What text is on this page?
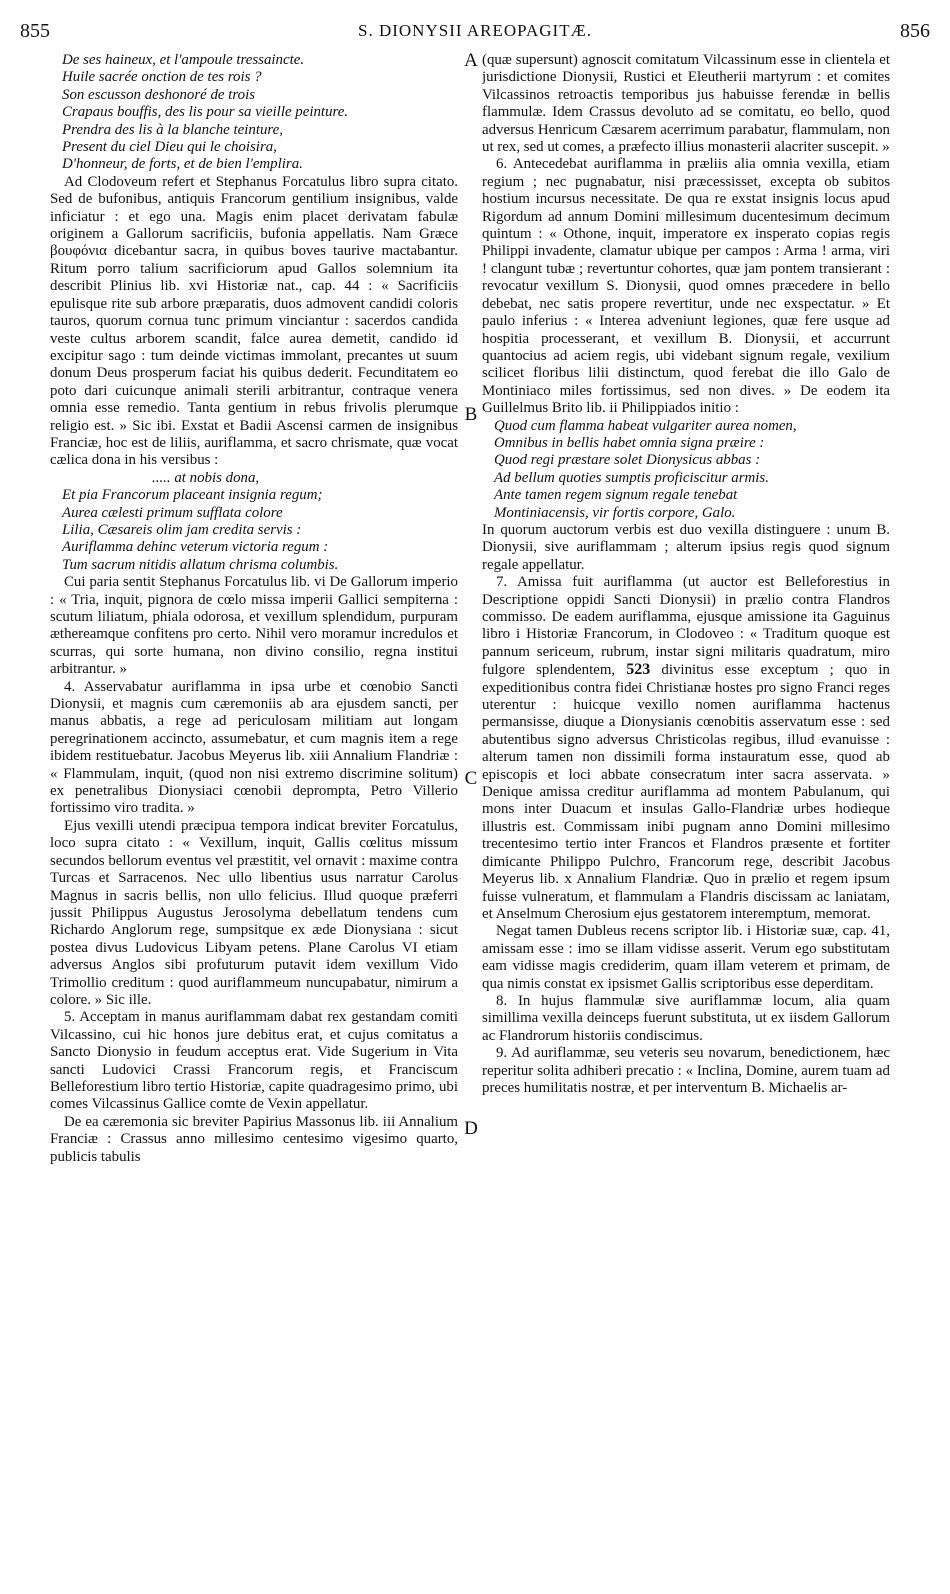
855	S. DIONYSII AREOPAGITÆ.	856
A
B
C
D
De ses haineux, et l'ampoule tressaincte.
Huile sacrée onction de tes rois ?
Son escusson deshonoré de trois
Crapaus bouffis, des lis pour sa vieille peinture.
Prendra des lis à la blanche teinture,
Present du ciel Dieu qui le choisira,
D'honneur, de forts, et de bien l'emplira.

Ad Clodoveum refert et Stephanus Forcatulus libro supra citato. Sed de bufonibus, antiquis Francorum gentilium insignibus, valde inficiatur : et ego una. Magis enim placet derivatam fabulæ originem a Gallorum sacrificiis, bufonia appellatis. Nam Græce βουφόνια dicebantur sacra, in quibus boves taurive mactabantur. Ritum porro talium sacrificiorum apud Gallos solemnium ita describit Plinius lib. xvi Historiæ nat., cap. 44 : « Sacrificiis epulisque rite sub arbore præparatis, duos admovent candidi coloris tauros, quorum cornua tunc primum vinciantur : sacerdos candida veste cultus arborem scandit, falce aurea demetit, candido id excipitur sago : tum deinde victimas immolant, precantes ut suum donum Deus prosperum faciat his quibus dederit. Fecunditatem eo poto dari cuicunque animali sterili arbitrantur, contraque venera omnia esse remedio. Tanta gentium in rebus frivolis plerumque religio est. » Sic ibi. Exstat et Badii Ascensi carmen de insignibus Franciæ, hoc est de liliis, auriflamma, et sacro chrismate, quæ vocat cælica dona in his versibus :

..... at nobis dona,
Et pia Francorum placeant insignia regum;
Aurea cælesti primum sufflata colore
Lilia, Cæsareis olim jam credita servis :
Auriflamma dehinc veterum victoria regum :
Tum sacrum nitidis allatum chrisma columbis.

Cui paria sentit Stephanus Forcatulus lib. vi De Gallorum imperio : « Tria, inquit, pignora de cœlo missa imperii Gallici sempiterna : scutum liliatum, phiala odorosa, et vexillum splendidum, purpuram æthereamque confitens pro certo. Nihil vero moramur incredulos et scurras, qui sorte humana, non divino consilio, regna institui arbitrantur. »

4. Asservabatur auriflamma in ipsa urbe et cœnobio Sancti Dionysii, et magnis cum cæremoniis ab ara ejusdem sancti, per manus abbatis, a rege ad periculosam militiam aut longam peregrinationem accincto, assumebatur, et cum magnis item a rege ibidem restituebatur. Jacobus Meyerus lib. xiii Annalium Flandriæ : « Flammulam, inquit, (quod non nisi extremo discrimine solitum) ex penetralibus Dionysiaci cœnobii deprompta, Petro Villerio fortissimo viro tradita. »

Ejus vexilli utendi præcipua tempora indicat breviter Forcatulus, loco supra citato : « Vexillum, inquit, Gallis cœlitus missum secundos bellorum eventus vel præstitit, vel ornavit : maxime contra Turcas et Sarracenos. Nec ullo libentius usus narratur Carolus Magnus in sacris bellis, non ullo felicius. Illud quoque præferri jussit Philippus Augustus Jerosolyma debellatum tendens cum Richardo Anglorum rege, sumpsitque ex æde Dionysiana : sicut postea divus Ludovicus Libyam petens. Plane Carolus VI etiam adversus Anglos sibi profuturum putavit idem vexillum Vido Trimollio creditum : quod auriflammeum nuncupabatur, nimirum a colore. » Sic ille.

5. Acceptam in manus auriflammam dabat rex gestandam comiti Vilcassino, cui hic honos jure debitus erat, et cujus comitatus a Sancto Dionysio in feudum acceptus erat. Vide Sugerium in Vita sancti Ludovici Crassi Francorum regis, et Franciscum Belleforestium libro tertio Historiæ, capite quadragesimo primo, ubi comes Vilcassinus Gallice comte de Vexin appellatur.

De ea cæremonia sic breviter Papirius Massonus lib. iii Annalium Franciæ : Crassus anno millesimo centesimo vigesimo quarto, publicis tabulis

(quæ supersunt) agnoscit comitatum Vilcassinum esse in clientela et jurisdictione Dionysii, Rustici et Eleutherii martyrum : et comites Vilcassinos retroactis temporibus jus habuisse ferendæ in bellis flammulæ. Idem Crassus devoluto ad se comitatu, eo bello, quod adversus Henricum Cæsarem acerrimum parabatur, flammulam, non ut rex, sed ut comes, a præfecto illius monasterii alacriter suscepit. »

6. Antecedebat auriflamma in præliis alia omnia vexilla, etiam regium ; nec pugnabatur, nisi præcessisset, excepta ob subitos hostium incursus necessitate. De qua re exstat insignis locus apud Rigordum ad annum Domini millesimum ducentesimum decimum quintum : « Othone, inquit, imperatore ex insperato copias regis Philippi invadente, clamatur ubique per campos : Arma ! arma, viri ! clangunt tubæ ; revertuntur cohortes, quæ jam pontem transierant : revocatur vexillum S. Dionysii, quod omnes præcedere in bello debebat, nec satis propere revertitur, unde nec exspectatur. » Et paulo inferius : « Interea adveniunt legiones, quæ fere usque ad hospitia processerant, et vexillum B. Dionysii, et accurrunt quantocius ad aciem regis, ubi videbant signum regale, vexilium scilicet floribus lilii distinctum, quod ferebat die illo Galo de Montiniaco miles fortissimus, sed non dives. » De eodem ita Guillelmus Brito lib. ii Philippiados initio :

Quod cum flamma habeat vulgariter aurea nomen,
Omnibus in bellis habet omnia signa præire :
Quod regi præstare solet Dionysicus abbas :
Ad bellum quoties sumptis proficiscitur armis.
Ante tamen regem signum regale tenebat
Montiniacensis, vir fortis corpore, Galo.

In quorum auctorum verbis est duo vexilla distinguere : unum B. Dionysii, sive auriflammam ; alterum ipsius regis quod signum regale appellatur.

7. Amissa fuit auriflamma (ut auctor est Belleforestius in Descriptione oppidi Sancti Dionysii) in prælio contra Flandros commisso. De eadem auriflamma, ejusque amissione ita Gaguinus libro i Historiæ Francorum, in Clodoveo : « Traditum quoque est pannum sericeum, rubrum, instar signi militaris quadratum, miro fulgore splendentem, 523 divinitus esse exceptum ; quo in expeditionibus contra fidei Christianæ hostes pro signo Franci reges uterentur : huicque vexillo nomen auriflamma hactenus permansisse, diuque a Dionysianis cœnobitis asservatum esse : sed abutentibus signo adversus Christicolas regibus, illud evanuisse : alterum tamen non dissimili forma instauratum esse, quod ab episcopis et loci abbate consecratum inter sacra asservata. » Denique amissa creditur auriflamma ad montem Pabulanum, qui mons inter Duacum et insulas Gallo-Flandriæ urbes hodieque illustris est. Commissam inibi pugnam anno Domini millesimo trecentesimo tertio inter Francos et Flandros præsente et fortiter dimicante Philippo Pulchro, Francorum rege, describit Jacobus Meyerus lib. x Annalium Flandriæ. Quo in prælio et regem ipsum fuisse vulneratum, et flammulam a Flandris discissam ac laniatam, et Anselmum Cherosium ejus gestatorem interemptum, memorat.

Negat tamen Dubleus recens scriptor lib. i Historiæ suæ, cap. 41, amissam esse : imo se illam vidisse asserit. Verum ego substitutam eam vidisse magis crediderim, quam illam veterem et primam, de qua nimis constat ex ipsismet Gallis scriptoribus esse deperditam.

8. In hujus flammulæ sive auriflammæ locum, alia quam simillima vexilla deinceps fuerunt substituta, ut ex iisdem Gallorum ac Flandrorum historiis condiscimus.

9. Ad auriflammæ, seu veteris seu novarum, benedictionem, hæc reperitur solita adhiberi precatio : « Inclina, Domine, aurem tuam ad preces humilitatis nostræ, et per interventum B. Michaelis ar-
